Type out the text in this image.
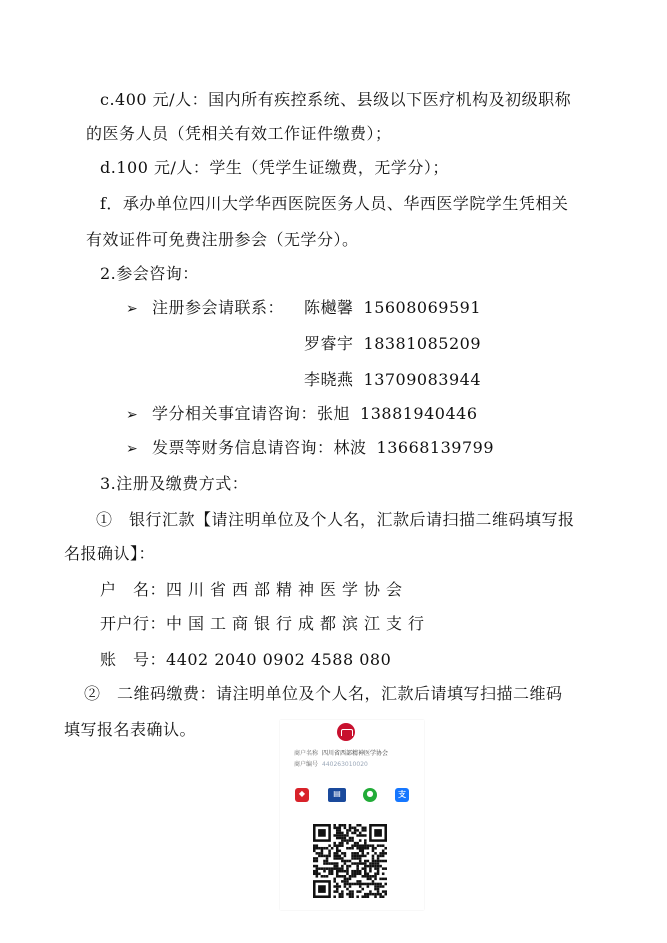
c.400 元/人：国内所有疾控系统、县级以下医疗机构及初级职称
的医务人员（凭相关有效工作证件缴费）；
d.100 元/人：学生（凭学生证缴费，无学分）；
f．承办单位四川大学华西医院医务人员、华西医学院学生凭相关
有效证件可免费注册参会（无学分）。
2.参会咨询：
➢ 注册参会请联系： 陈樾馨 15608069591
罗睿宇 18381085209
李晓燕 13709083944
➢ 学分相关事宜请咨询：张旭 13881940446
➢ 发票等财务信息请咨询：林波 13668139799
3.注册及缴费方式：
①　银行汇款【请注明单位及个人名，汇款后请扫描二维码填写报
名报确认】：
户　名：四川省西部精神医学协会
开户行：中国工商银行成都滨江支行
账　号：4402 2040 0902 4588 080
②　二维码缴费：请注明单位及个人名，汇款后请填写扫描二维码
填写报名表确认。
商户名称 四川省西部精神医学协会
商户编号 440263010020
◆	▤	●	支
